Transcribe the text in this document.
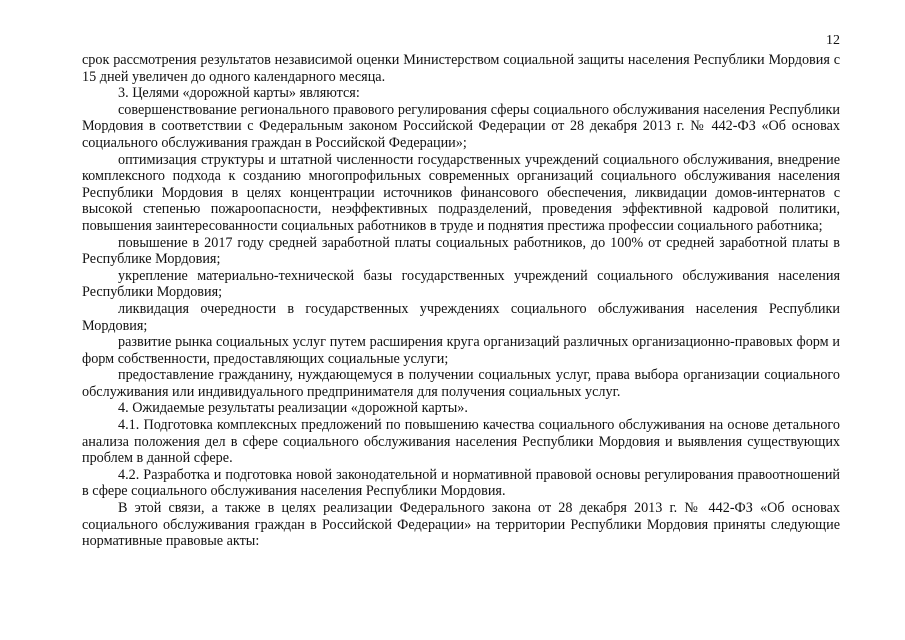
12

срок рассмотрения результатов независимой оценки Министерством социальной защиты населения Республики Мордовия с 15 дней увеличен до одного календарного месяца.

3. Целями «дорожной карты» являются:

совершенствование регионального правового регулирования сферы социального обслуживания населения Республики Мордовия в соответствии с Федеральным законом Российской Федерации от 28 декабря 2013 г. № 442-ФЗ «Об основах социального обслуживания граждан в Российской Федерации»;

оптимизация структуры и штатной численности государственных учреждений социального обслуживания, внедрение комплексного подхода к созданию многопрофильных современных организаций социального обслуживания населения Республики Мордовия в целях концентрации источников финансового обеспечения, ликвидации домов-интернатов с высокой степенью пожароопасности, неэффективных подразделений, проведения эффективной кадровой политики, повышения заинтересованности социальных работников в труде и поднятия престижа профессии социального работника;

повышение в 2017 году средней заработной платы социальных работников, до 100% от средней заработной платы в Республике Мордовия;

укрепление материально-технической базы государственных учреждений социального обслуживания населения Республики Мордовия;

ликвидация очередности в государственных учреждениях социального обслуживания населения Республики Мордовия;

развитие рынка социальных услуг путем расширения круга организаций различных организационно-правовых форм и форм собственности, предоставляющих социальные услуги;

предоставление гражданину, нуждающемуся в получении социальных услуг, права выбора организации социального обслуживания или индивидуального предпринимателя для получения социальных услуг.

4. Ожидаемые результаты реализации «дорожной карты».

4.1. Подготовка комплексных предложений по повышению качества социального обслуживания на основе детального анализа положения дел в сфере социального обслуживания населения Республики Мордовия и выявления существующих проблем в данной сфере.

4.2. Разработка и подготовка новой законодательной и нормативной правовой основы регулирования правоотношений в сфере социального обслуживания населения Республики Мордовия.

В этой связи, а также в целях реализации Федерального закона от 28 декабря 2013 г. № 442-ФЗ «Об основах социального обслуживания граждан в Российской Федерации» на территории Республики Мордовия приняты следующие нормативные правовые акты:
